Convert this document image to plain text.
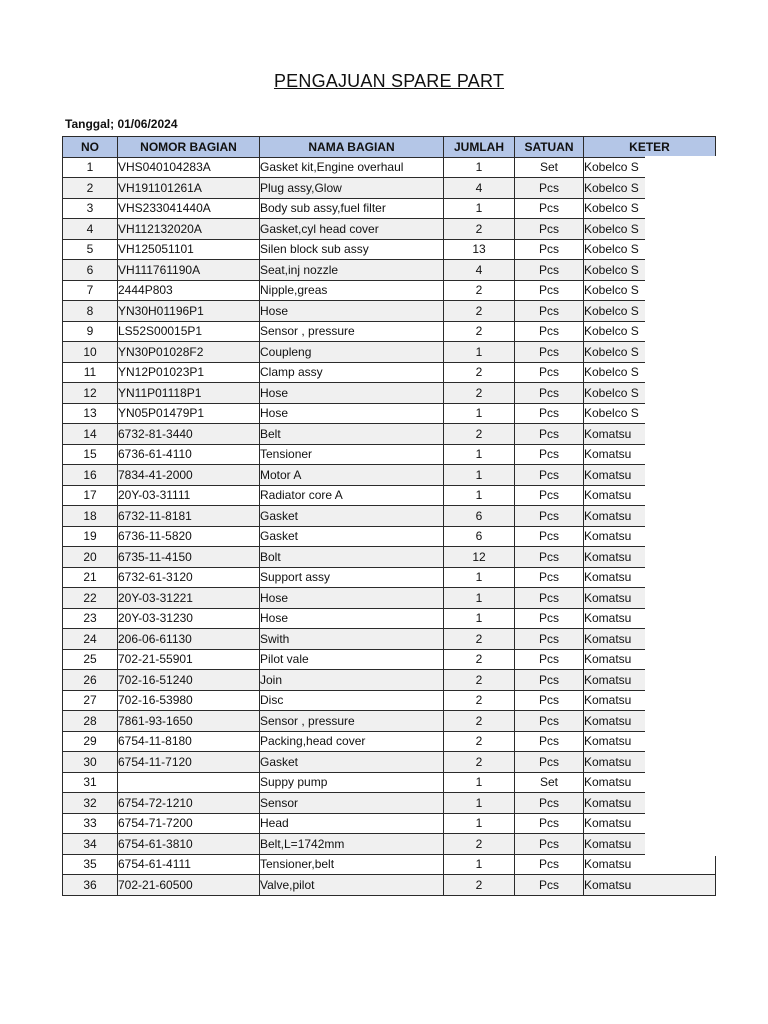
PENGAJUAN SPARE PART
Tanggal; 01/06/2024
NO	NOMOR BAGIAN	NAMA BAGIAN	JUMLAH	SATUAN	KETER
1	VHS040104283A	Gasket kit,Engine overhaul	1	Set	Kobelco S
2	VH191101261A	Plug assy,Glow	4	Pcs	Kobelco S
3	VHS233041440A	Body sub assy,fuel filter	1	Pcs	Kobelco S
4	VH112132020A	Gasket,cyl head cover	2	Pcs	Kobelco S
5	VH125051101	Silen block sub assy	13	Pcs	Kobelco S
6	VH111761190A	Seat,inj nozzle	4	Pcs	Kobelco S
7	2444P803	Nipple,greas	2	Pcs	Kobelco S
8	YN30H01196P1	Hose	2	Pcs	Kobelco S
9	LS52S00015P1	Sensor , pressure	2	Pcs	Kobelco S
10	YN30P01028F2	Coupleng	1	Pcs	Kobelco S
11	YN12P01023P1	Clamp assy	2	Pcs	Kobelco S
12	YN11P01118P1	Hose	2	Pcs	Kobelco S
13	YN05P01479P1	Hose	1	Pcs	Kobelco S
14	6732-81-3440	Belt	2	Pcs	Komatsu
15	6736-61-4110	Tensioner	1	Pcs	Komatsu
16	7834-41-2000	Motor A	1	Pcs	Komatsu
17	20Y-03-31111	Radiator core A	1	Pcs	Komatsu
18	6732-11-8181	Gasket	6	Pcs	Komatsu
19	6736-11-5820	Gasket	6	Pcs	Komatsu
20	6735-11-4150	Bolt	12	Pcs	Komatsu
21	6732-61-3120	Support assy	1	Pcs	Komatsu
22	20Y-03-31221	Hose	1	Pcs	Komatsu
23	20Y-03-31230	Hose	1	Pcs	Komatsu
24	206-06-61130	Swith	2	Pcs	Komatsu
25	702-21-55901	Pilot vale	2	Pcs	Komatsu
26	702-16-51240	Join	2	Pcs	Komatsu
27	702-16-53980	Disc	2	Pcs	Komatsu
28	7861-93-1650	Sensor , pressure	2	Pcs	Komatsu
29	6754-11-8180	Packing,head cover	2	Pcs	Komatsu
30	6754-11-7120	Gasket	2	Pcs	Komatsu
31		Suppy pump	1	Set	Komatsu
32	6754-72-1210	Sensor	1	Pcs	Komatsu
33	6754-71-7200	Head	1	Pcs	Komatsu
34	6754-61-3810	Belt,L=1742mm	2	Pcs	Komatsu
35	6754-61-4111	Tensioner,belt	1	Pcs	Komatsu
36	702-21-60500	Valve,pilot	2	Pcs	Komatsu
